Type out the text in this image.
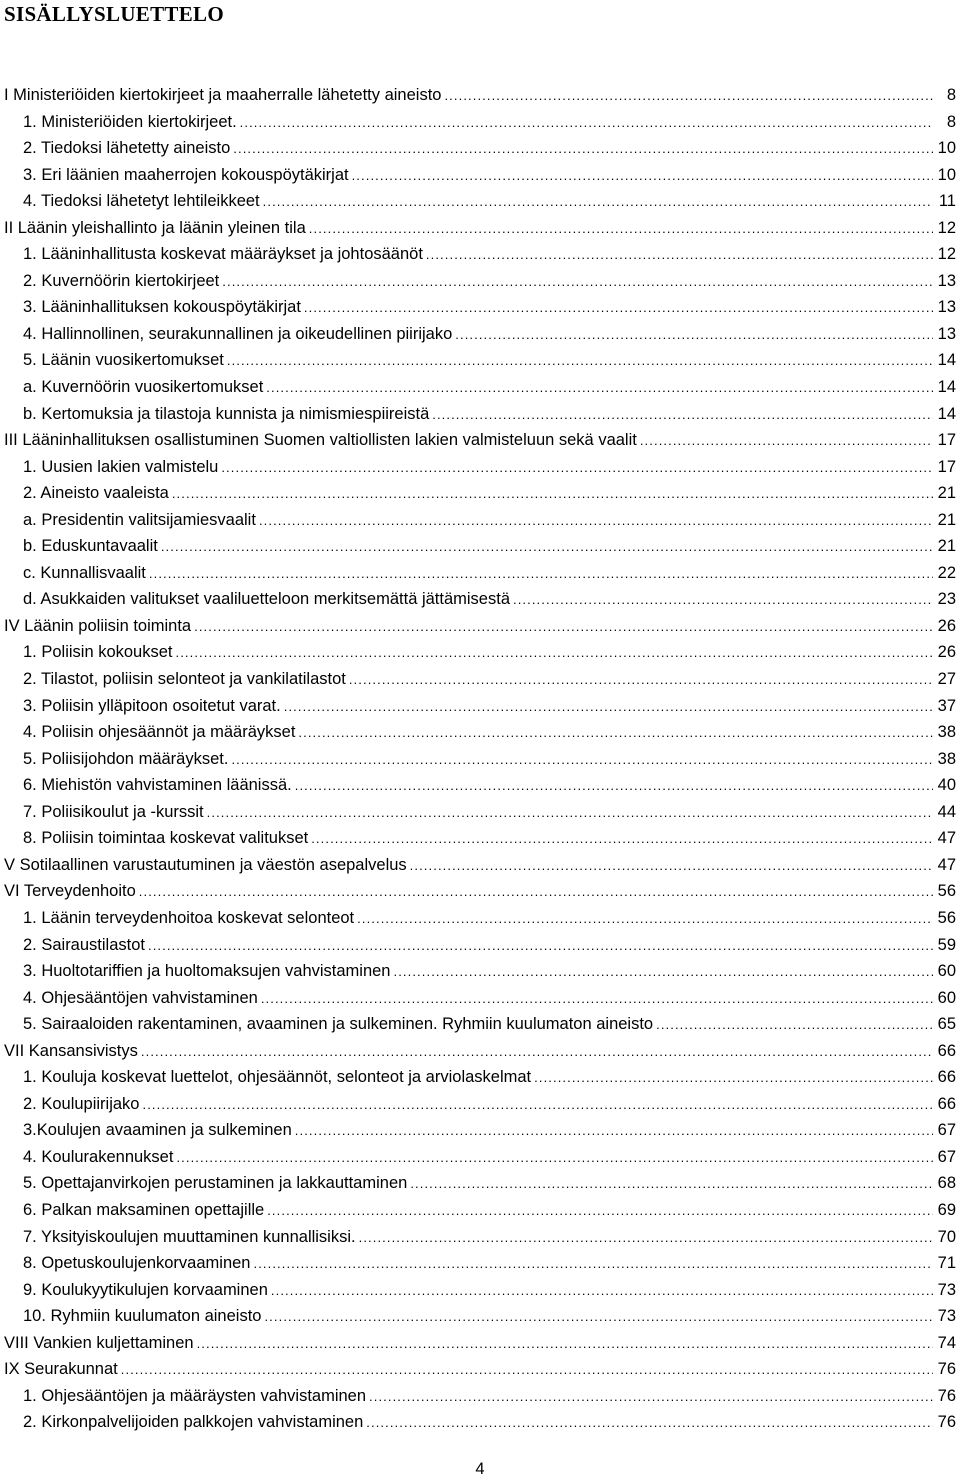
SISÄLLYSLUETTELO
I Ministeriöiden kiertokirjeet ja maaherralle lähetetty aineisto .....	8
1. Ministeriöiden kiertokirjeet. .....	8
2. Tiedoksi lähetetty aineisto .....	10
3. Eri läänien maaherrojen kokouspöytäkirjat .....	10
4. Tiedoksi lähetetyt lehtileikkeet .....	11
II Läänin yleishallinto ja läänin yleinen tila .....	12
1. Lääninhallitusta koskevat määräykset ja johtosäänöt .....	12
2. Kuvernöörin kiertokirjeet .....	13
3. Lääninhallituksen kokouspöytäkirjat .....	13
4. Hallinnollinen, seurakunnallinen ja oikeudellinen piirijako .....	13
5. Läänin vuosikertomukset .....	14
a. Kuvernöörin vuosikertomukset .....	14
b. Kertomuksia ja tilastoja kunnista ja nimismiespiireistä .....	14
III Lääninhallituksen osallistuminen Suomen valtiollisten lakien valmisteluun sekä vaalit .....	17
1. Uusien lakien valmistelu .....	17
2. Aineisto vaaleista .....	21
a. Presidentin valitsijamiesvaalit .....	21
b. Eduskuntavaalit .....	21
c. Kunnallisvaalit .....	22
d. Asukkaiden valitukset vaaliluetteloon merkitsemättä jättämisestä .....	23
IV Läänin poliisin toiminta .....	26
1. Poliisin kokoukset .....	26
2. Tilastot, poliisin selonteot ja vankilatilastot .....	27
3. Poliisin ylläpitoon osoitetut varat. .....	37
4. Poliisin ohjesäännöt ja määräykset .....	38
5. Poliisijohdon määräykset. .....	38
6. Miehistön vahvistaminen läänissä. .....	40
7. Poliisikoulut ja -kurssit .....	44
8. Poliisin toimintaa koskevat valitukset .....	47
V Sotilaallinen varustautuminen ja väestön asepalvelus .....	47
VI Terveydenhoito .....	56
1. Läänin terveydenhoitoa koskevat selonteot .....	56
2. Sairaustilastot .....	59
3. Huoltotariffien ja huoltomaksujen vahvistaminen .....	60
4. Ohjesääntöjen vahvistaminen .....	60
5. Sairaaloiden rakentaminen, avaaminen ja sulkeminen. Ryhmiin kuulumaton aineisto .....	65
VII Kansansivistys .....	66
1. Kouluja koskevat luettelot, ohjesäännöt, selonteot ja arviolaskelmat .....	66
2. Koulupiirijako .....	66
3.Koulujen avaaminen ja sulkeminen .....	67
4. Koulurakennukset .....	67
5. Opettajanvirkojen perustaminen ja lakkauttaminen .....	68
6. Palkan maksaminen opettajille .....	69
7. Yksityiskoulujen muuttaminen kunnallisiksi. .....	70
8. Opetuskoulujenkorvaaminen .....	71
9. Koulukyytikulujen korvaaminen .....	73
10. Ryhmiin kuulumaton aineisto .....	73
VIII Vankien kuljettaminen .....	74
IX Seurakunnat .....	76
1. Ohjesääntöjen ja määräysten vahvistaminen .....	76
2. Kirkonpalvelijoiden palkkojen vahvistaminen .....	76
4
